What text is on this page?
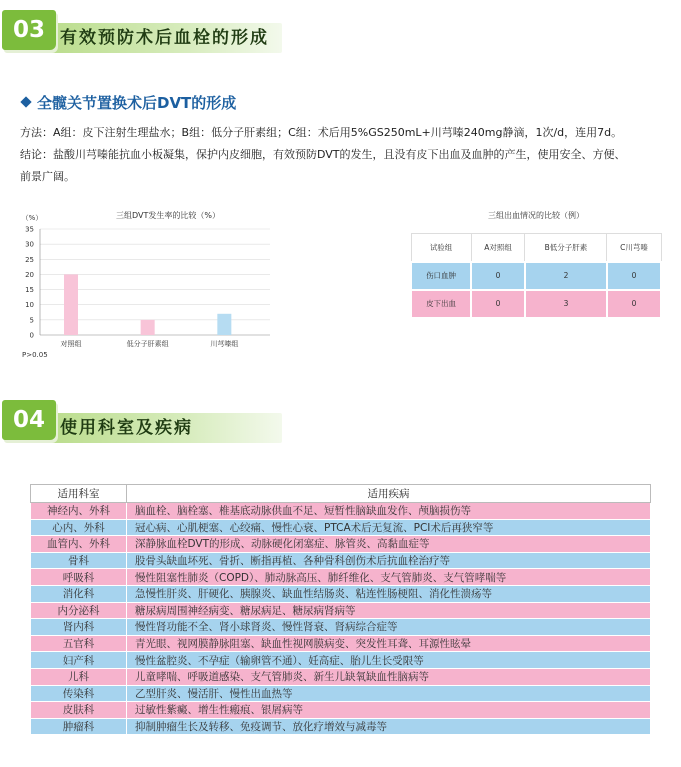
03 有效预防术后血栓的形成
全髋关节置换术后DVT的形成
方法：A组：皮下注射生理盐水；B组：低分子肝素组；C组：术后用5%GS250mL+川芎嗪240mg静滴，1次/d，连用7d。
结论：盐酸川芎嗪能抗血小板凝集，保护内皮细胞，有效预防DVT的发生，且没有皮下出血及血肿的产生，使用安全、方便、
前景广阔。
三组DVT发生率的比较（%）
（%）
0
5
10
15
20
25
30
35
对照组	低分子肝素组	川芎嗪组
P>0.05
三组出血情况的比较（例）
试验组	A对照组	B低分子肝素	C川芎嗪
伤口血肿	0	2	0
皮下出血	0	3	0
04 使用科室及疾病
适用科室	适用疾病
神经内、外科	脑血栓、脑栓塞、椎基底动脉供血不足、短暂性脑缺血发作、颅脑损伤等
心内、外科	冠心病、心肌梗塞、心绞痛、慢性心衰、PTCA术后无复流、PCI术后再狭窄等
血管内、外科	深静脉血栓DVT的形成、动脉硬化闭塞症、脉管炎、高黏血症等
骨科	股骨头缺血坏死、骨折、断指再植、各种骨科创伤术后抗血栓治疗等
呼吸科	慢性阻塞性肺炎（COPD）、肺动脉高压、肺纤维化、支气管肺炎、支气管哮喘等
消化科	急慢性肝炎、肝硬化、胰腺炎、缺血性结肠炎、粘连性肠梗阻、消化性溃疡等
内分泌科	糖尿病周围神经病变、糖尿病足、糖尿病肾病等
肾内科	慢性肾功能不全、肾小球肾炎、慢性肾衰、肾病综合症等
五官科	青光眼、视网膜静脉阻塞、缺血性视网膜病变、突发性耳聋、耳源性眩晕
妇产科	慢性盆腔炎、不孕症（输卵管不通）、妊高症、胎儿生长受限等
儿科	儿童哮喘、呼吸道感染、支气管肺炎、新生儿缺氧缺血性脑病等
传染科	乙型肝炎、慢活肝、慢性出血热等
皮肤科	过敏性紫癜、增生性瘢痕、银屑病等
肿瘤科	抑制肿瘤生长及转移、免疫调节、放化疗增效与减毒等
